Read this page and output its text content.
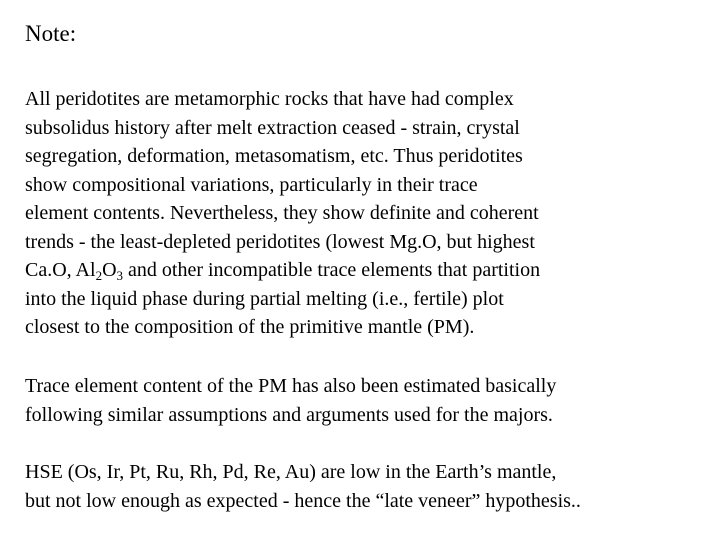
Note:
All peridotites are metamorphic rocks that have had complex
subsolidus history after melt extraction ceased - strain, crystal
segregation, deformation, metasomatism, etc. Thus peridotites
show compositional variations, particularly in their trace
element contents. Nevertheless, they show definite and coherent
trends - the least-depleted peridotites (lowest Mg.O, but highest
Ca.O, $Al_2O_3$ and other incompatible trace elements that partition
into the liquid phase during partial melting (i.e., fertile) plot
closest to the composition of the primitive mantle (PM).
Trace element content of the PM has also been estimated basically
following similar assumptions and arguments used for the majors.
HSE (Os, Ir, Pt, Ru, Rh, Pd, Re, Au) are low in the Earth’s mantle,
but not low enough as expected - hence the “late veneer” hypothesis..
